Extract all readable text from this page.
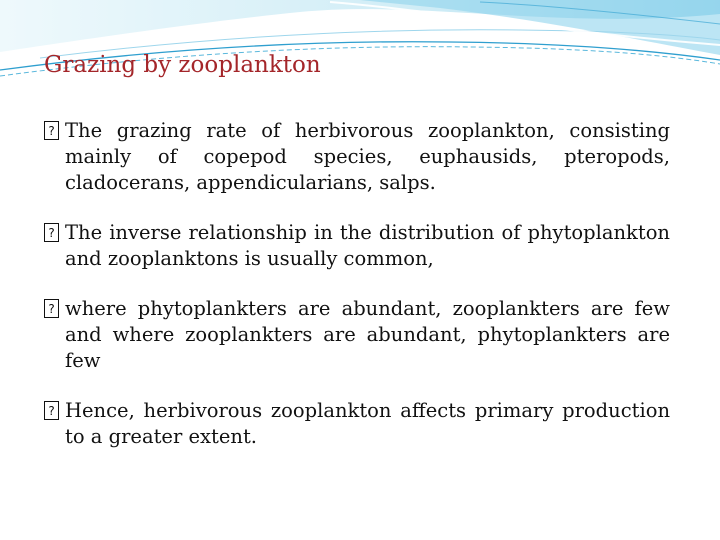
Grazing by zooplankton
? The grazing rate of herbivorous zooplankton, consisting mainly of copepod species, euphausids, pteropods, cladocerans, appendicularians, salps.
? The inverse relationship in the distribution of phytoplankton and zooplanktons is usually common,
? where phytoplankters are abundant, zooplankters are few and where zooplankters are abundant, phytoplankters are few
? Hence, herbivorous zooplankton affects primary production to a greater extent.
